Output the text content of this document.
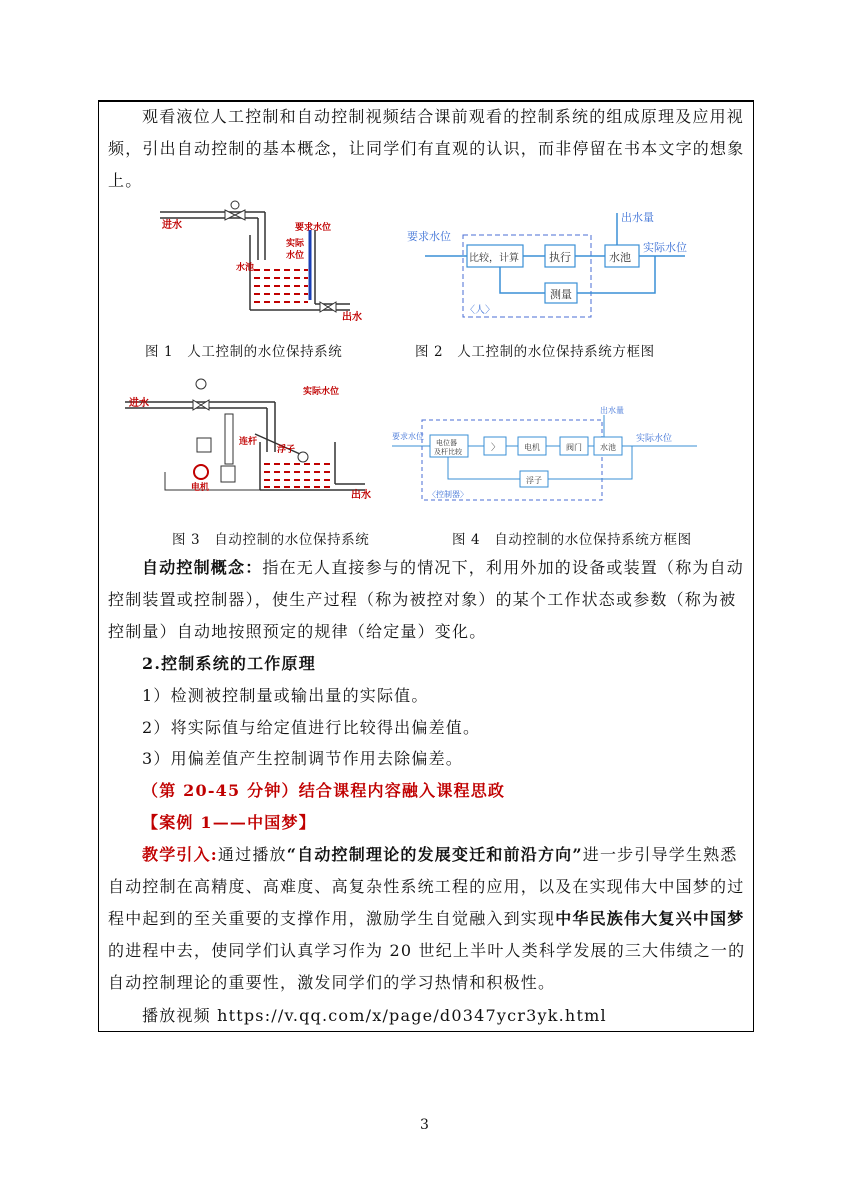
观看液位人工控制和自动控制视频结合课前观看的控制系统的组成原理及应用视频，引出自动控制的基本概念，让同学们有直观的认识，而非停留在书本文字的想象上。
进水	要求水位
实际
水位
水池
出水
图 1　人工控制的水位保持系统
要求水位
比较，计算	执行	水池
测量
实际水位
出水量
〈人〉
图 2　人工控制的水位保持系统方框图
进水
连杆
浮子
实际水位
电机
出水
图 3　自动控制的水位保持系统
要求水位
电位器
及杆比较	〉	电机	阀门 水池
浮子
实际水位
出水量
〈控制器〉
图 4　自动控制的水位保持系统方框图
自动控制概念：指在无人直接参与的情况下，利用外加的设备或装置（称为自动控制装置或控制器），使生产过程（称为被控对象）的某个工作状态或参数（称为被控制量）自动地按照预定的规律（给定量）变化。
2.控制系统的工作原理
1）检测被控制量或输出量的实际值。
2）将实际值与给定值进行比较得出偏差值。
3）用偏差值产生控制调节作用去除偏差。
（第 20-45 分钟）结合课程内容融入课程思政
【案例 1——中国梦】
教学引入:通过播放“自动控制理论的发展变迁和前沿方向”进一步引导学生熟悉自动控制在高精度、高难度、高复杂性系统工程的应用，以及在实现伟大中国梦的过程中起到的至关重要的支撑作用，激励学生自觉融入到实现中华民族伟大复兴中国梦的进程中去，使同学们认真学习作为 20 世纪上半叶人类科学发展的三大伟绩之一的自动控制理论的重要性，激发同学们的学习热情和积极性。
播放视频 https://v.qq.com/x/page/d0347ycr3yk.html
3
